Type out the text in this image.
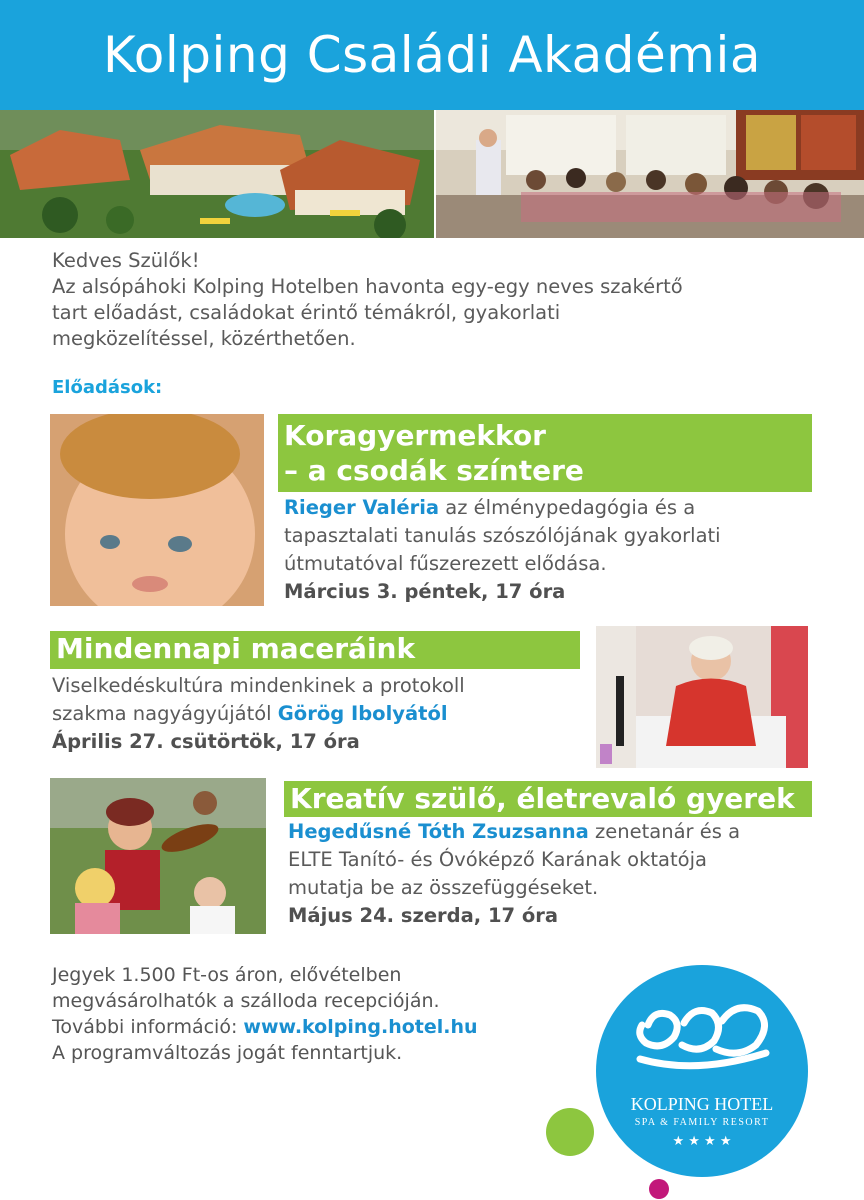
Kolping Családi Akadémia
Kedves Szülők!
Az alsópáhoki Kolping Hotelben havonta egy-egy neves szakértő
tart előadást, családokat érintő témákról, gyakorlati
megközelítéssel, közérthetően.
Előadások:
Koragyermekkor
– a csodák színtere
Rieger Valéria az élménypedagógia és a
tapasztalati tanulás szószólójának gyakorlati
útmutatóval fűszerezett elődása.
Március 3. péntek, 17 óra
Mindennapi maceráink
Viselkedéskultúra mindenkinek a protokoll
szakma nagyágyújától Görög Ibolyától
Április 27. csütörtök, 17 óra
Kreatív szülő, életrevaló gyerek
Hegedűsné Tóth Zsuzsanna zenetanár és a
ELTE Tanító- és Óvóképző Karának oktatója
mutatja be az összefüggéseket.
Május 24. szerda, 17 óra
Jegyek 1.500 Ft-os áron, elővételben
megvásárolhatók a szálloda recepcióján.
További információ: www.kolping.hotel.hu
A programváltozás jogát fenntartjuk.
KOLPING HOTEL
SPA & FAMILY RESORT
★ ★ ★ ★
